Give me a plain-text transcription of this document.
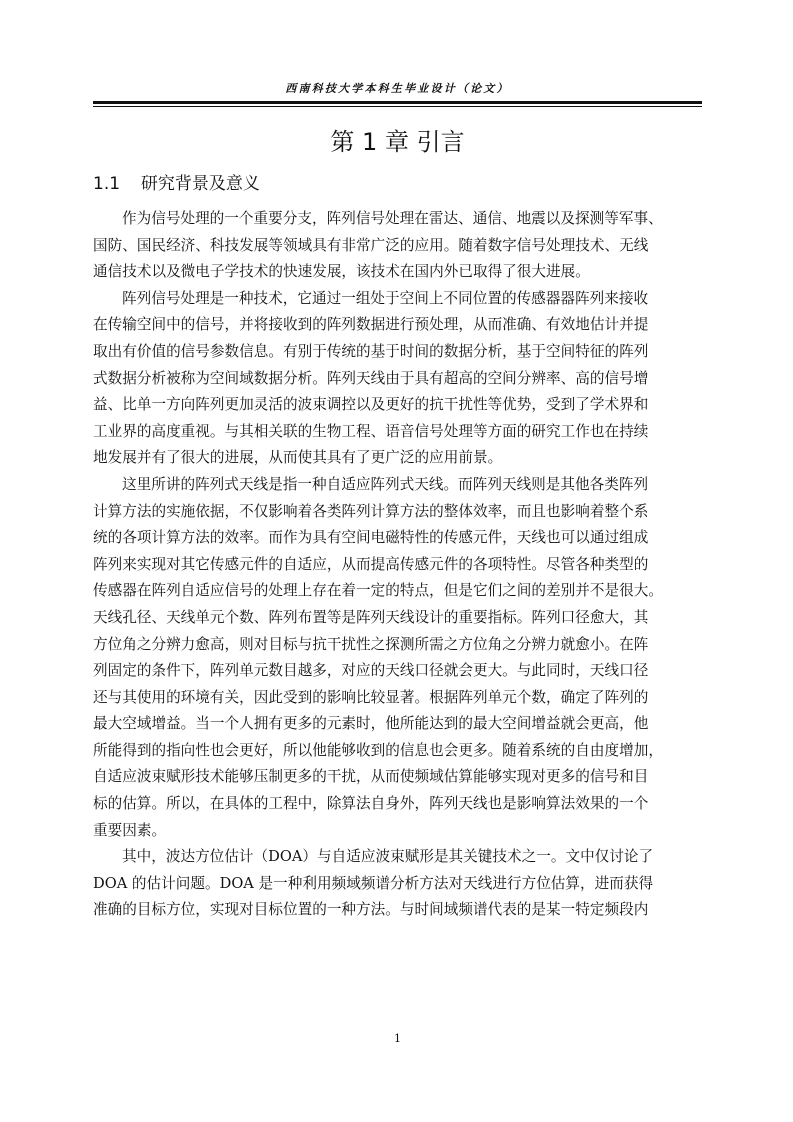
西南科技大学本科生毕业设计（论文）
第 1 章 引言
1.1 研究背景及意义
作为信号处理的一个重要分支，阵列信号处理在雷达、通信、地震以及探测等军事、
国防、国民经济、科技发展等领域具有非常广泛的应用。随着数字信号处理技术、无线
通信技术以及微电子学技术的快速发展，该技术在国内外已取得了很大进展。
阵列信号处理是一种技术，它通过一组处于空间上不同位置的传感器器阵列来接收
在传输空间中的信号，并将接收到的阵列数据进行预处理，从而准确、有效地估计并提
取出有价值的信号参数信息。有别于传统的基于时间的数据分析，基于空间特征的阵列
式数据分析被称为空间域数据分析。阵列天线由于具有超高的空间分辨率、高的信号增
益、比单一方向阵列更加灵活的波束调控以及更好的抗干扰性等优势，受到了学术界和
工业界的高度重视。与其相关联的生物工程、语音信号处理等方面的研究工作也在持续
地发展并有了很大的进展，从而使其具有了更广泛的应用前景。
这里所讲的阵列式天线是指一种自适应阵列式天线。而阵列天线则是其他各类阵列
计算方法的实施依据，不仅影响着各类阵列计算方法的整体效率，而且也影响着整个系
统的各项计算方法的效率。而作为具有空间电磁特性的传感元件，天线也可以通过组成
阵列来实现对其它传感元件的自适应，从而提高传感元件的各项特性。尽管各种类型的
传感器在阵列自适应信号的处理上存在着一定的特点，但是它们之间的差别并不是很大。
天线孔径、天线单元个数、阵列布置等是阵列天线设计的重要指标。阵列口径愈大，其
方位角之分辨力愈高，则对目标与抗干扰性之探测所需之方位角之分辨力就愈小。在阵
列固定的条件下，阵列单元数目越多，对应的天线口径就会更大。与此同时，天线口径
还与其使用的环境有关，因此受到的影响比较显著。根据阵列单元个数，确定了阵列的
最大空域增益。当一个人拥有更多的元素时，他所能达到的最大空间增益就会更高，他
所能得到的指向性也会更好，所以他能够收到的信息也会更多。随着系统的自由度增加，
自适应波束赋形技术能够压制更多的干扰，从而使频域估算能够实现对更多的信号和目
标的估算。所以，在具体的工程中，除算法自身外，阵列天线也是影响算法效果的一个
重要因素。
其中，波达方位估计（DOA）与自适应波束赋形是其关键技术之一。文中仅讨论了
DOA 的估计问题。DOA 是一种利用频域频谱分析方法对天线进行方位估算，进而获得
准确的目标方位，实现对目标位置的一种方法。与时间域频谱代表的是某一特定频段内
1
